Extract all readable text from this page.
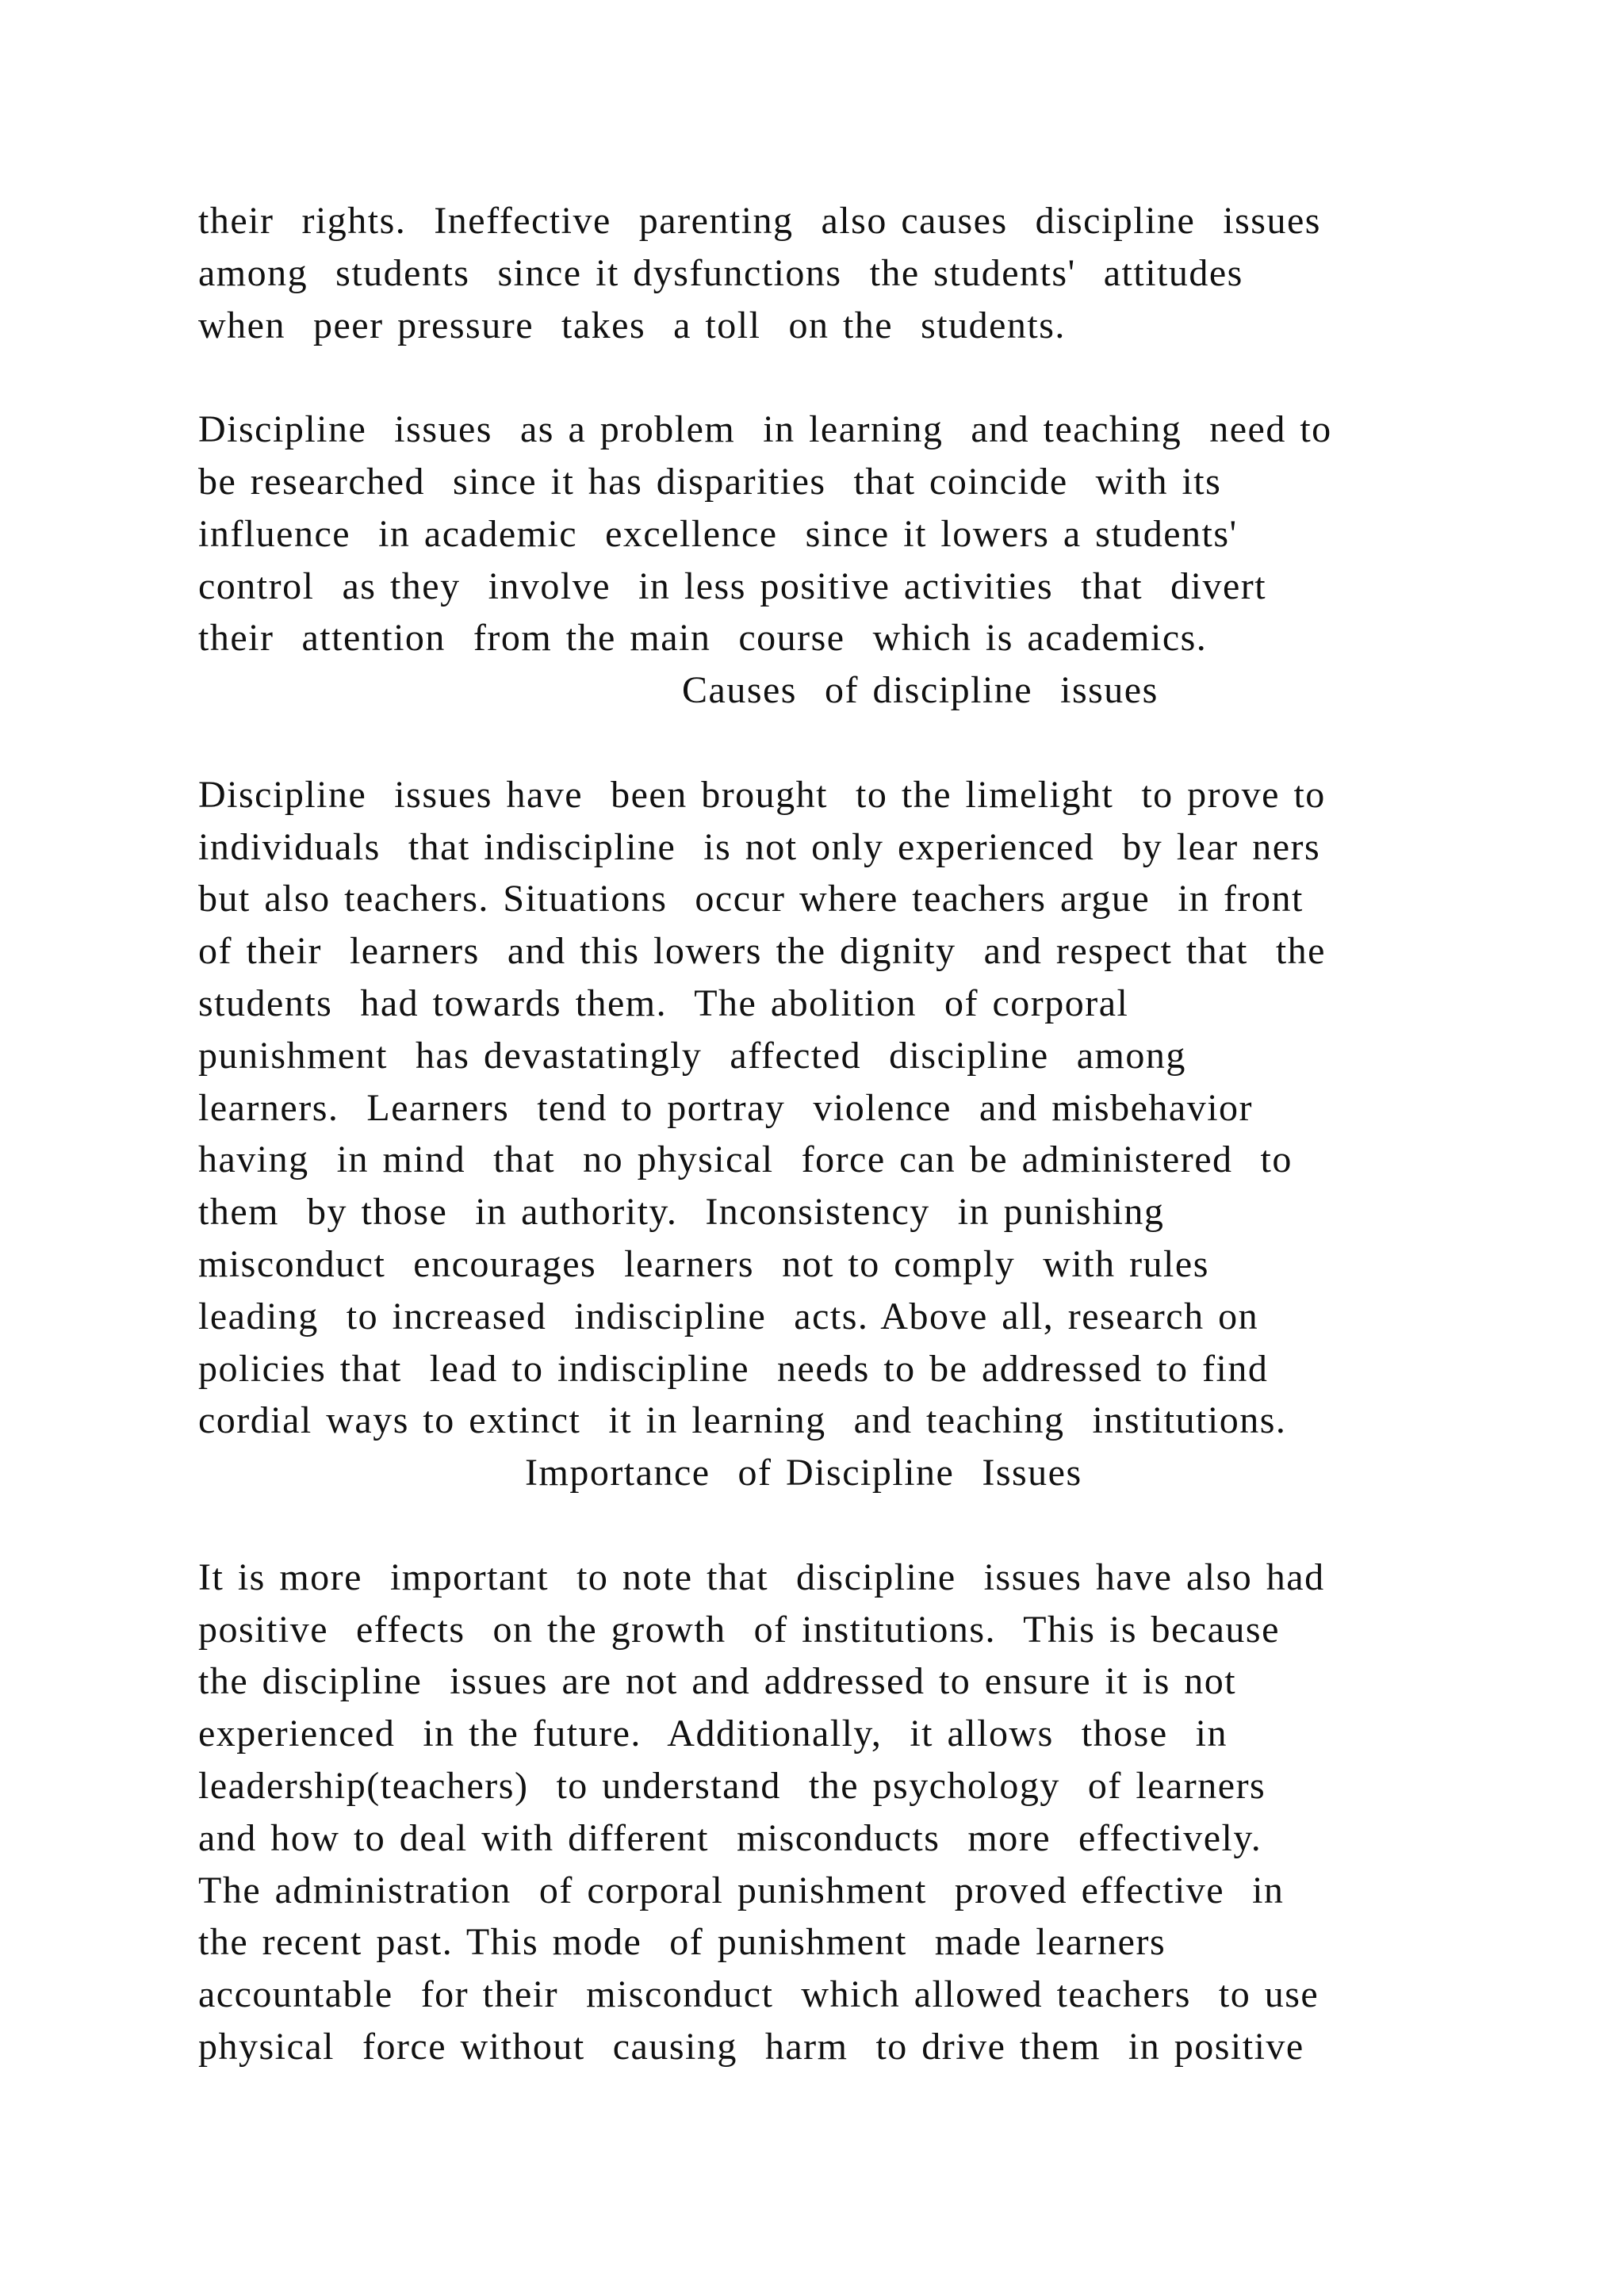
their  rights.  Ineffective  parenting  also causes  discipline  issues
among  students  since it dysfunctions  the students'  attitudes
when  peer pressure  takes  a toll  on the  students.
Discipline  issues  as a problem  in learning  and teaching  need to
be researched  since it has disparities  that coincide  with its
influence  in academic  excellence  since it lowers a students'
control  as they  involve  in less positive activities  that  divert
their  attention  from the main  course  which is academics.
Causes  of discipline  issues
Discipline  issues have  been brought  to the limelight  to prove to
individuals  that indiscipline  is not only experienced  by lear ners
but also teachers. Situations  occur where teachers argue  in front
of their  learners  and this lowers the dignity  and respect that  the
students  had towards them.  The abolition  of corporal
punishment  has devastatingly  affected  discipline  among
learners.  Learners  tend to portray  violence  and misbehavior
having  in mind  that  no physical  force can be administered  to
them  by those  in authority.  Inconsistency  in punishing
misconduct  encourages  learners  not to comply  with rules
leading  to increased  indiscipline  acts. Above all, research on
policies that  lead to indiscipline  needs to be addressed to find
cordial ways to extinct  it in learning  and teaching  institutions.
Importance  of Discipline  Issues
It is more  important  to note that  discipline  issues have also had
positive  effects  on the growth  of institutions.  This is because
the discipline  issues are not and addressed to ensure it is not
experienced  in the future.  Additionally,  it allows  those  in
leadership(teachers)  to understand  the psychology  of learners
and how to deal with different  misconducts  more  effectively.
The administration  of corporal punishment  proved effective  in
the recent past. This mode  of punishment  made learners
accountable  for their  misconduct  which allowed teachers  to use
physical  force without  causing  harm  to drive them  in positive
